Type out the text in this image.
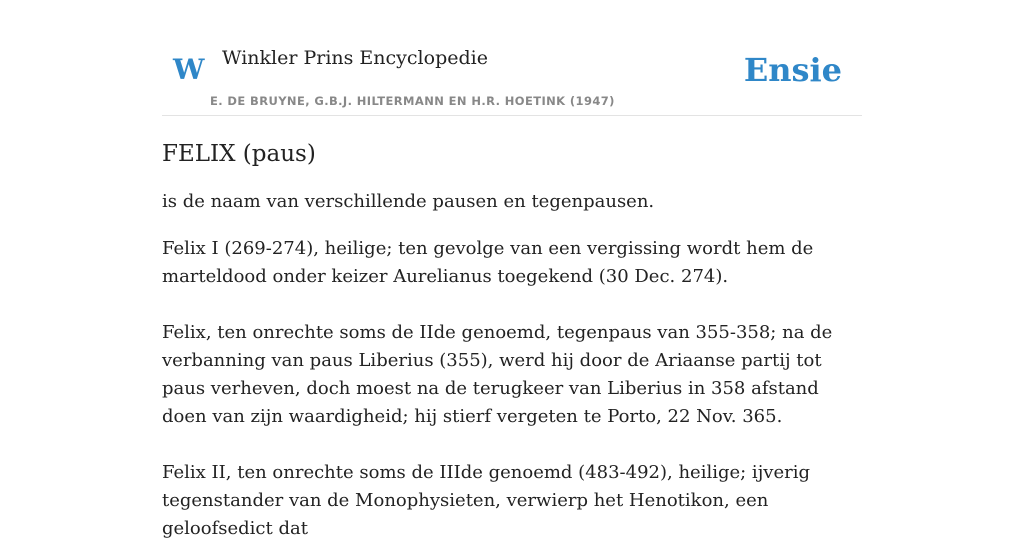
W Winkler Prins Encyclopedie
E. DE BRUYNE, G.B.J. HILTERMANN EN H.R. HOETINK (1947)
Ensie
FELIX (paus)

is de naam van verschillende pausen en tegenpausen.

Felix I (269-274), heilige; ten gevolge van een vergissing wordt hem de marteldood onder keizer Aurelianus toegekend (30 Dec. 274).

Felix, ten onrechte soms de IIde genoemd, tegenpaus van 355-358; na de verbanning van paus Liberius (355), werd hij door de Ariaanse partij tot paus verheven, doch moest na de terugkeer van Liberius in 358 afstand doen van zijn waardigheid; hij stierf vergeten te Porto, 22 Nov. 365.

Felix II, ten onrechte soms de IIIde genoemd (483-492), heilige; ijverig tegenstander van de Monophysieten, verwierp het Henotikon, een geloofsedict dat
